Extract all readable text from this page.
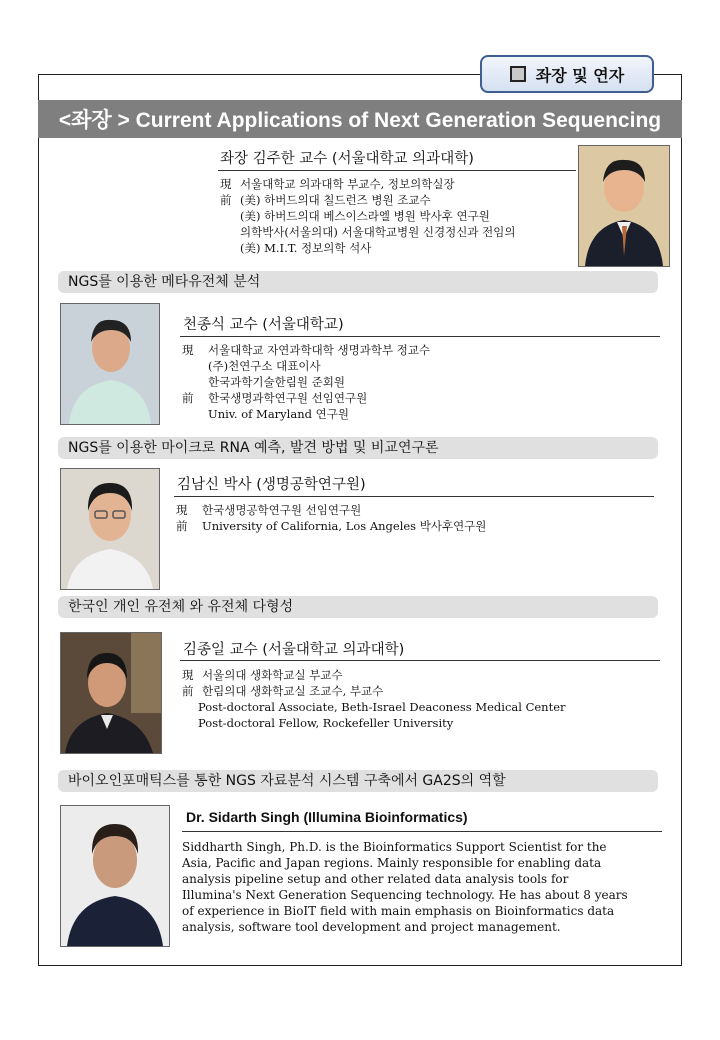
좌장 및 연자
<좌장 > Current Applications of Next Generation Sequencing
좌장 김주한 교수 (서울대학교 의과대학)
現 서울대학교 의과대학 부교수, 정보의학실장
前 (美) 하버드의대 칠드런즈 병원 조교수
(美) 하버드의대 베스이스라엘 병원 박사후 연구원
의학박사(서울의대) 서울대학교병원 신경정신과 전임의
(美) M.I.T. 정보의학 석사
NGS를 이용한 메타유전체 분석
천종식 교수 (서울대학교)
現 서울대학교 자연과학대학 생명과학부 정교수
(주)천연구소 대표이사
한국과학기술한림원 준회원
前 한국생명과학연구원 선임연구원
Univ. of Maryland 연구원
NGS를 이용한 마이크로 RNA 예측, 발견 방법 및 비교연구론
김남신 박사 (생명공학연구원)
現 한국생명공학연구원 선임연구원
前 University of California, Los Angeles 박사후연구원
한국인 개인 유전체 와 유전체 다형성
김종일 교수 (서울대학교 의과대학)
現 서울의대 생화학교실 부교수
前 한림의대 생화학교실 조교수, 부교수
Post-doctoral Associate, Beth-Israel Deaconess Medical Center
Post-doctoral Fellow, Rockefeller University
바이오인포매틱스를 통한 NGS 자료분석 시스템 구축에서 GA2S의 역할
Dr. Sidarth Singh (Illumina Bioinformatics)
Siddharth Singh, Ph.D. is the Bioinformatics Support Scientist for the
Asia, Pacific and Japan regions. Mainly responsible for enabling data
analysis pipeline setup and other related data analysis tools for
Illumina's Next Generation Sequencing technology. He has about 8 years
of experience in BioIT field with main emphasis on Bioinformatics data
analysis, software tool development and project management.
